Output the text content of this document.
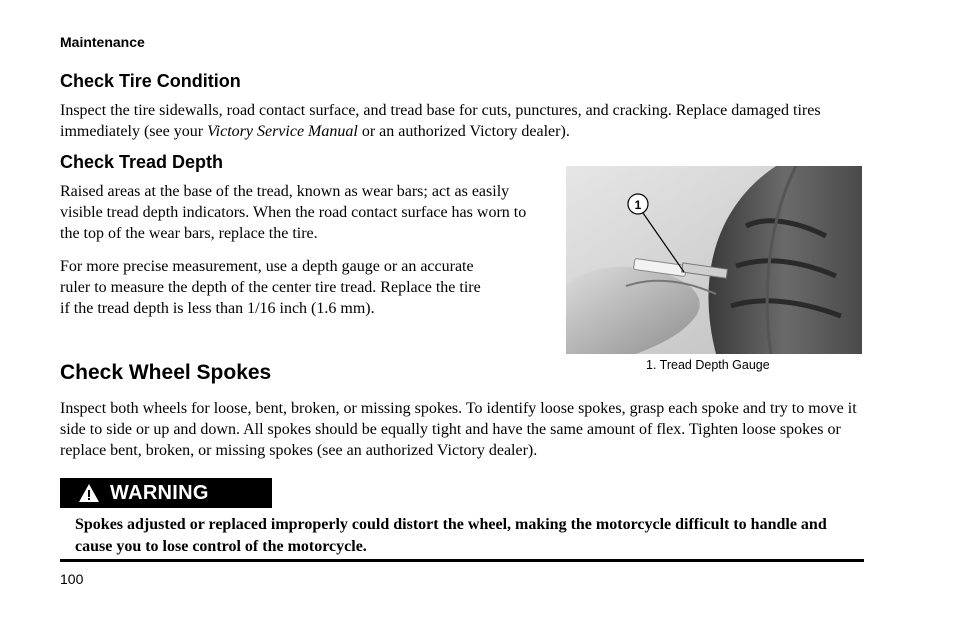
Maintenance
Check Tire Condition
Inspect the tire sidewalls, road contact surface, and tread base for cuts, punctures, and cracking. Replace damaged tires immediately (see your Victory Service Manual or an authorized Victory dealer).
Check Tread Depth
Raised areas at the base of the tread, known as wear bars; act as easily visible tread depth indicators. When the road contact surface has worn to the top of the wear bars, replace the tire.
For more precise measurement, use a depth gauge or an accurate ruler to measure the depth of the center tire tread. Replace the tire if the tread depth is less than 1/16 inch (1.6 mm).
1
1. Tread Depth Gauge
Check Wheel Spokes
Inspect both wheels for loose, bent, broken, or missing spokes. To identify loose spokes, grasp each spoke and try to move it side to side or up and down. All spokes should be equally tight and have the same amount of flex. Tighten loose spokes or replace bent, broken, or missing spokes (see an authorized Victory dealer).
WARNING
Spokes adjusted or replaced improperly could distort the wheel, making the motorcycle difficult to handle and cause you to lose control of the motorcycle.
100
